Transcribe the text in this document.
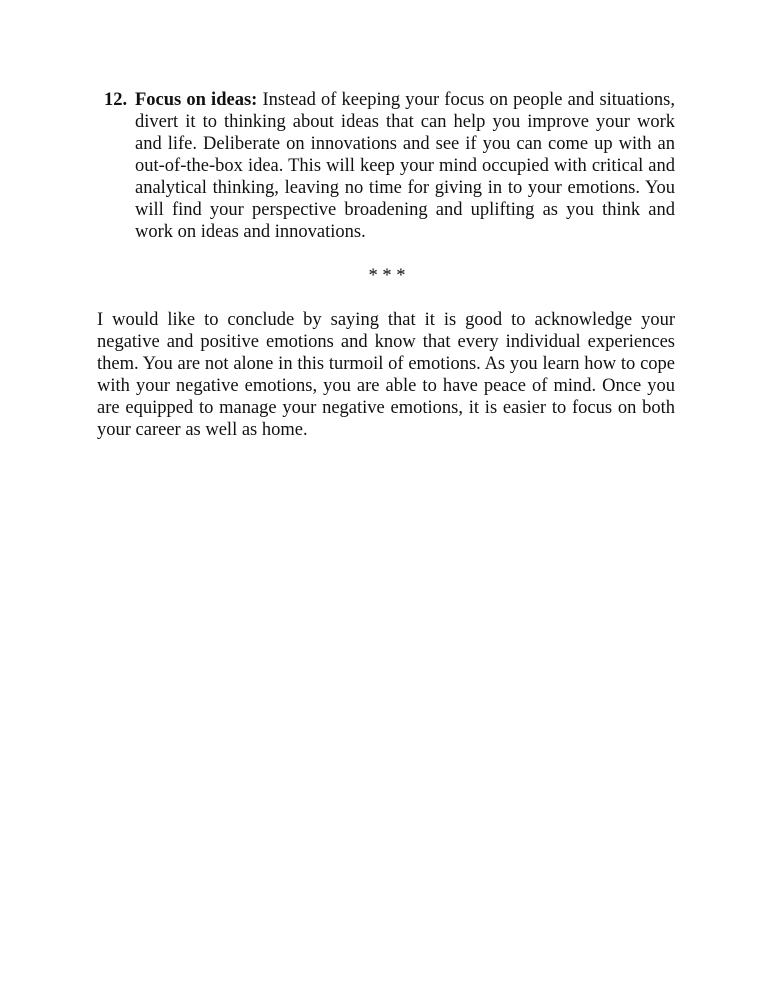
12. Focus on ideas: Instead of keeping your focus on people and situations, divert it to thinking about ideas that can help you improve your work and life. Deliberate on innovations and see if you can come up with an out-of-the-box idea. This will keep your mind occupied with critical and analytical thinking, leaving no time for giving in to your emotions. You will find your perspective broadening and uplifting as you think and work on ideas and innovations.
* * *

I would like to conclude by saying that it is good to acknowledge your negative and positive emotions and know that every individual experiences them. You are not alone in this turmoil of emotions. As you learn how to cope with your negative emotions, you are able to have peace of mind. Once you are equipped to manage your negative emotions, it is easier to focus on both your career as well as home.
